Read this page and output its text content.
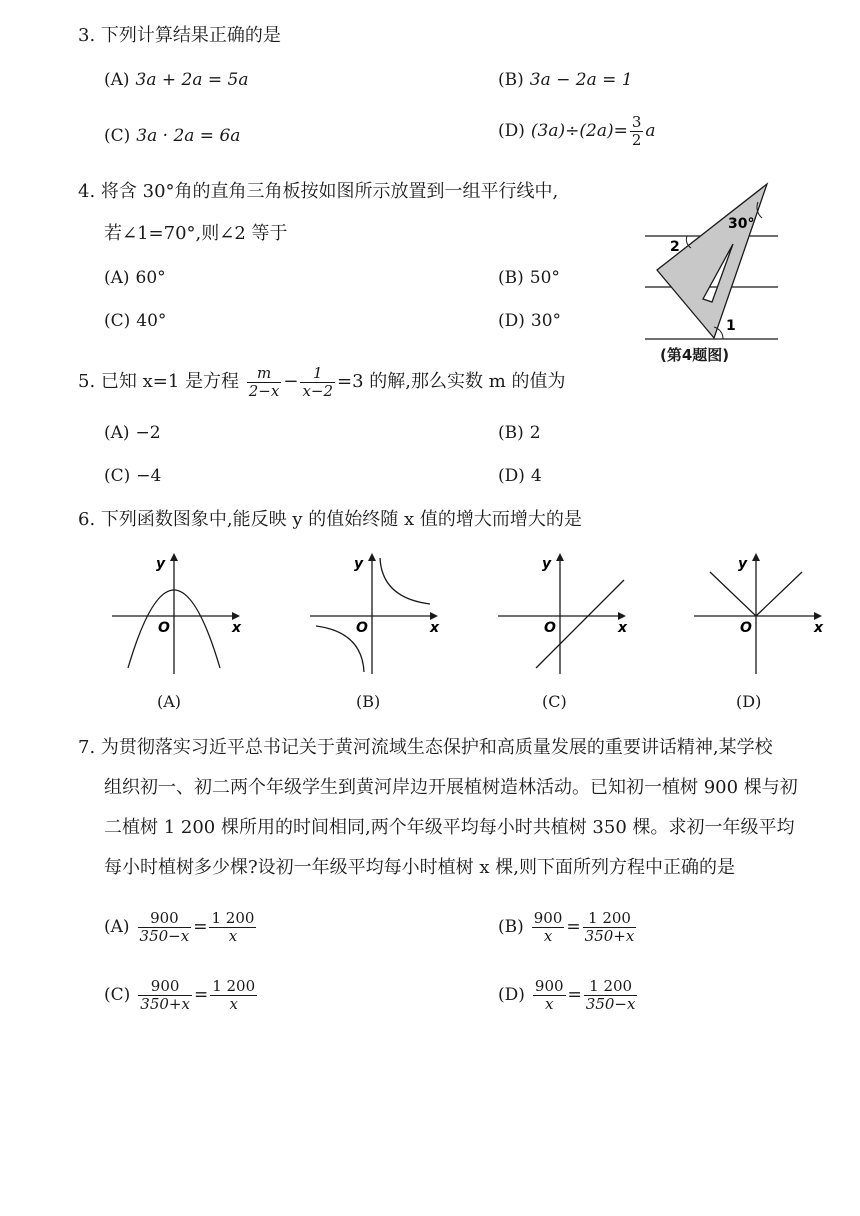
3. 下列计算结果正确的是
(A) 3a + 2a = 5a	(B) 3a − 2a = 1
(C) 3a · 2a = 6a	(D) $(3a)\div(2a)= \frac{3}{2}$ a
4. 将含 30°角的直角三角板按如图所示放置到一组平行线中,
若∠1=70°,则∠2 等于
(A) 60°	(B) 50°
(C) 40°	(D) 30°
30°
2
1
(第4题图)
5. 已知 x=1 是方程 $\frac{m}{2-x} - \frac{1}{x-2} =3$ 的解,那么实数 m 的值为
(A) −2	(B) 2
(C) −4	(D) 4
6. 下列函数图象中,能反映 y 的值始终随 x 值的增大而增大的是
x
y
O
(A)
x
y
O
(B)
x
y
O
(C)
x
y
O
(D)
7. 为贯彻落实习近平总书记关于黄河流域生态保护和高质量发展的重要讲话精神,某学校
组织初一、初二两个年级学生到黄河岸边开展植树造林活动。已知初一植树 900 棵与初
二植树 1 200 棵所用的时间相同,两个年级平均每小时共植树 350 棵。求初一年级平均
每小时植树多少棵?设初一年级平均每小时植树 x 棵,则下面所列方程中正确的是
$(A) \frac{900}{350-x} = \frac{1 200}{x}$	$(B) \frac{900}{x} = \frac{1 200}{350+x}$
$(C) \frac{900}{350+x} = \frac{1 200}{x}$	$(D) \frac{900}{x} = \frac{1 200}{350-x}$
